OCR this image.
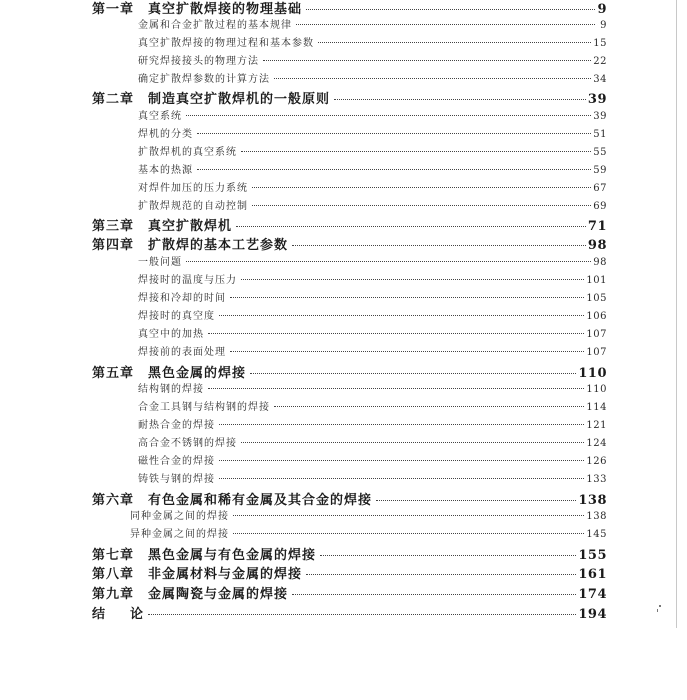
第一章 真空扩散焊接的物理基础	9
金属和合金扩散过程的基本规律	9
真空扩散焊接的物理过程和基本参数	15
研究焊接接头的物理方法	22
确定扩散焊参数的计算方法	34
第二章 制造真空扩散焊机的一般原则	39
真空系统	39
焊机的分类	51
扩散焊机的真空系统	55
基本的热源	59
对焊件加压的压力系统	67
扩散焊规范的自动控制	69
第三章 真空扩散焊机	71
第四章 扩散焊的基本工艺参数	98
一般问题	98
焊接时的温度与压力	101
焊接和冷却的时间	105
焊接时的真空度	106
真空中的加热	107
焊接前的表面处理	107
第五章 黑色金属的焊接	110
结构钢的焊接	110
合金工具钢与结构钢的焊接	114
耐热合金的焊接	121
高合金不锈钢的焊接	124
磁性合金的焊接	126
铸铁与钢的焊接	133
第六章 有色金属和稀有金属及其合金的焊接	138
同种金属之间的焊接	138
异种金属之间的焊接	145
第七章 黑色金属与有色金属的焊接	155
第八章 非金属材料与金属的焊接	161
第九章 金属陶瓷与金属的焊接	174
结 论	194
